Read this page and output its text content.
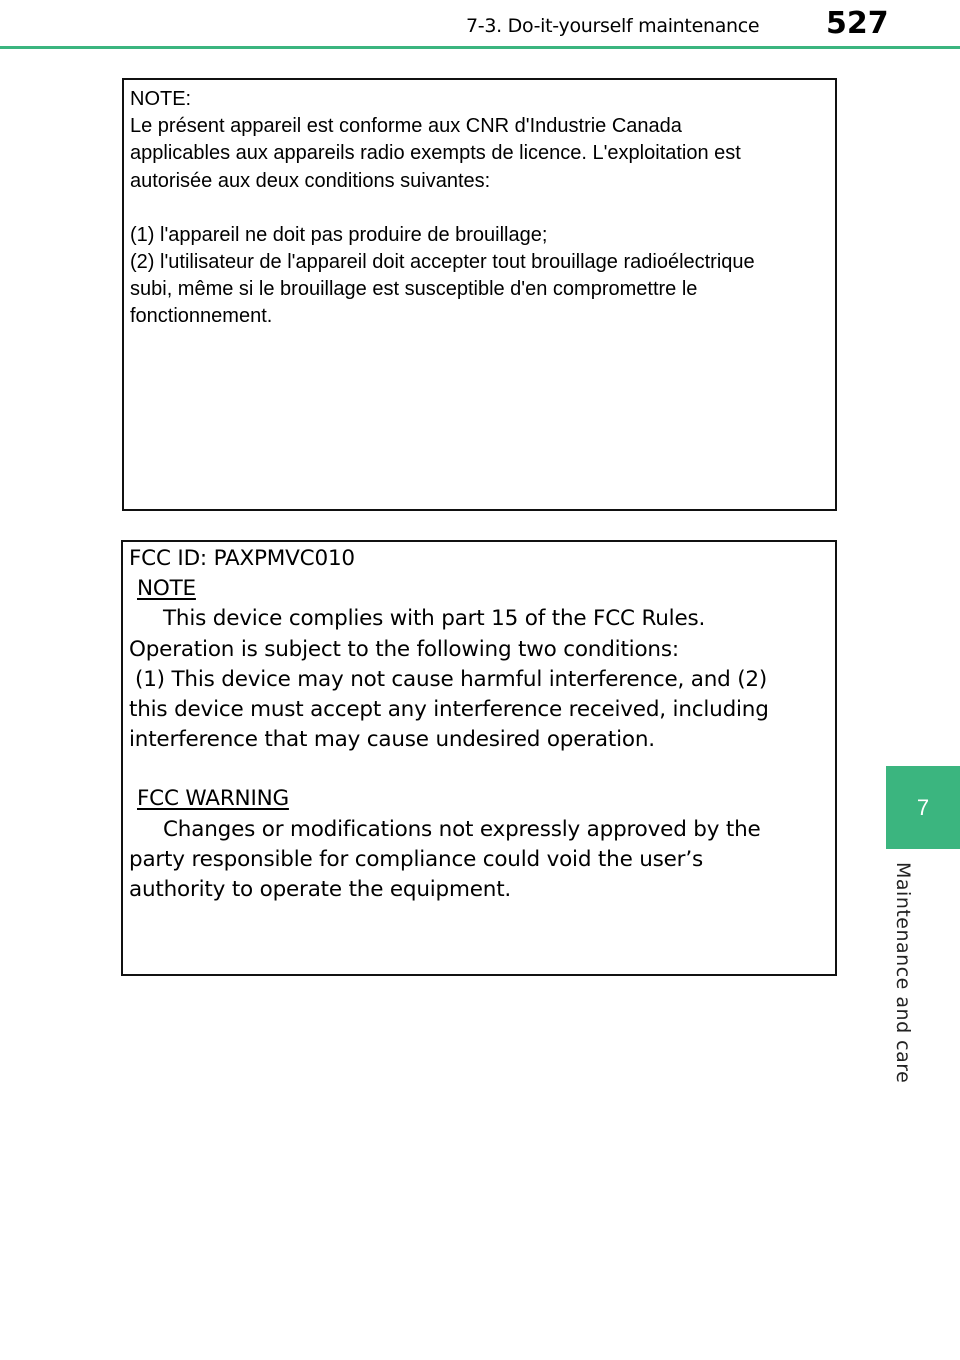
7-3. Do-it-yourself maintenance 527
7
Maintenance and care

NOTE:

Le présent appareil est conforme aux CNR d'Industrie Canada

applicables aux appareils radio exempts de licence. L'exploitation est

autorisée aux deux conditions suivantes:

(1) l'appareil ne doit pas produire de brouillage;

(2) l'utilisateur de l'appareil doit accepter tout brouillage radioélectrique

subi, même si le brouillage est susceptible d'en compromettre le

fonctionnement.

FCC ID: PAXPMVC010

NOTE

This device complies with part 15 of the FCC Rules.

Operation is subject to the following two conditions:

(1) This device may not cause harmful interference, and (2)

this device must accept any interference received, including

interference that may cause undesired operation.

FCC WARNING

Changes or modifications not expressly approved by the

party responsible for compliance could void the user’s

authority to operate the equipment.
